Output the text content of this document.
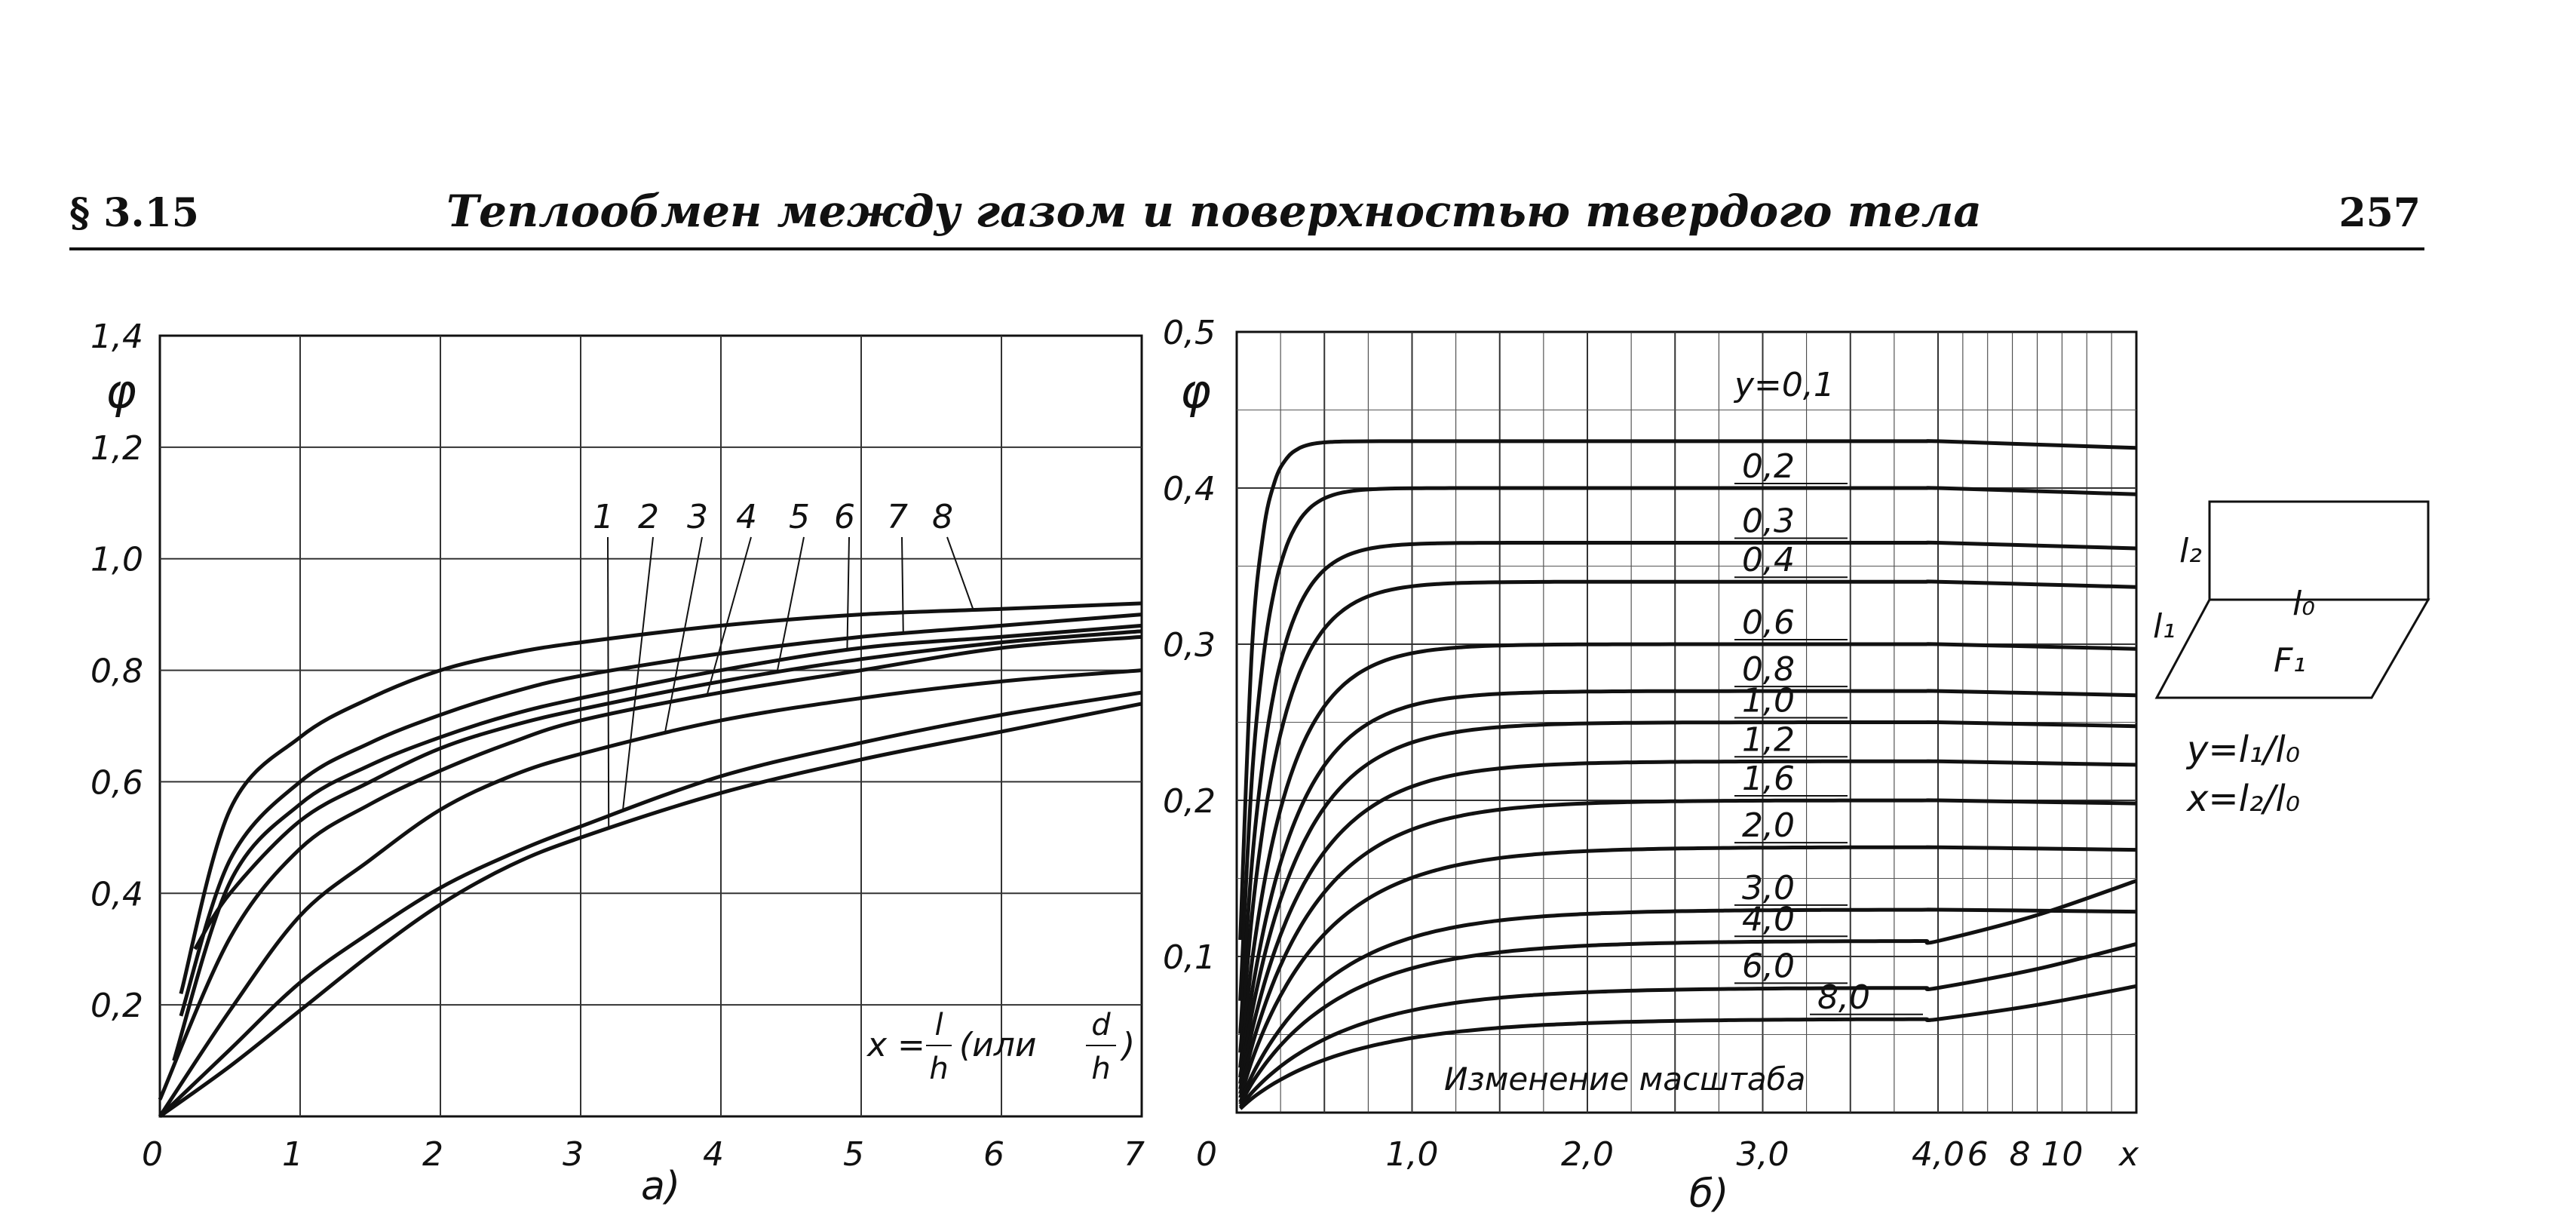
§ 3.15	Теплообмен между газом и поверхностью твердого тела	257
0	1	2	3	4	5	6	7
0,2
0,4
0,6
0,8
1,0
1,2
1,4
φ
а)
1 2 3 4 5 6 7 8
x =
l
h
(или
d
h
)
0,1
0,2
0,3
0,4
0,5
0	1,0	2,0	3,0	4,0 6 8 10 x
φ
б)
y=0,1
0,2
0,3
0,4
0,6
0,8
1,0
1,2
1,6
2,0
3,0
4,0
6,0
8,0
Изменение масштаба
l₂
l₀
l₁
F₁
y=l₁/l₀
x=l₂/l₀
